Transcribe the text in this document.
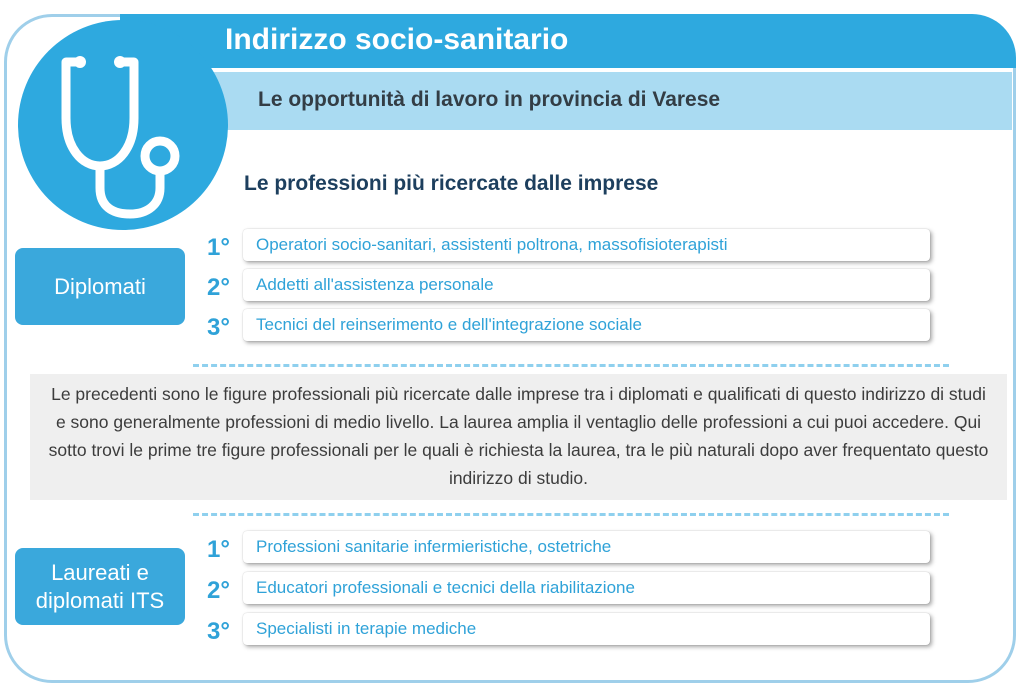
Indirizzo socio-sanitario
Le opportunità di lavoro in provincia di Varese
Le professioni più ricercate dalle imprese
Diplomati
1°	Operatori socio-sanitari, assistenti poltrona, massofisioterapisti
2°	Addetti all'assistenza personale
3°	Tecnici del reinserimento e dell'integrazione sociale
Le precedenti sono le figure professionali più ricercate dalle imprese tra i diplomati e qualificati di questo indirizzo di studi e sono generalmente professioni di medio livello. La laurea amplia il ventaglio delle professioni a cui puoi accedere. Qui sotto trovi le prime tre figure professionali per le quali è richiesta la laurea, tra le più naturali dopo aver frequentato questo indirizzo di studio.
Laureati e
diplomati ITS
1°	Professioni sanitarie infermieristiche, ostetriche
2°	Educatori professionali e tecnici della riabilitazione
3°	Specialisti in terapie mediche
